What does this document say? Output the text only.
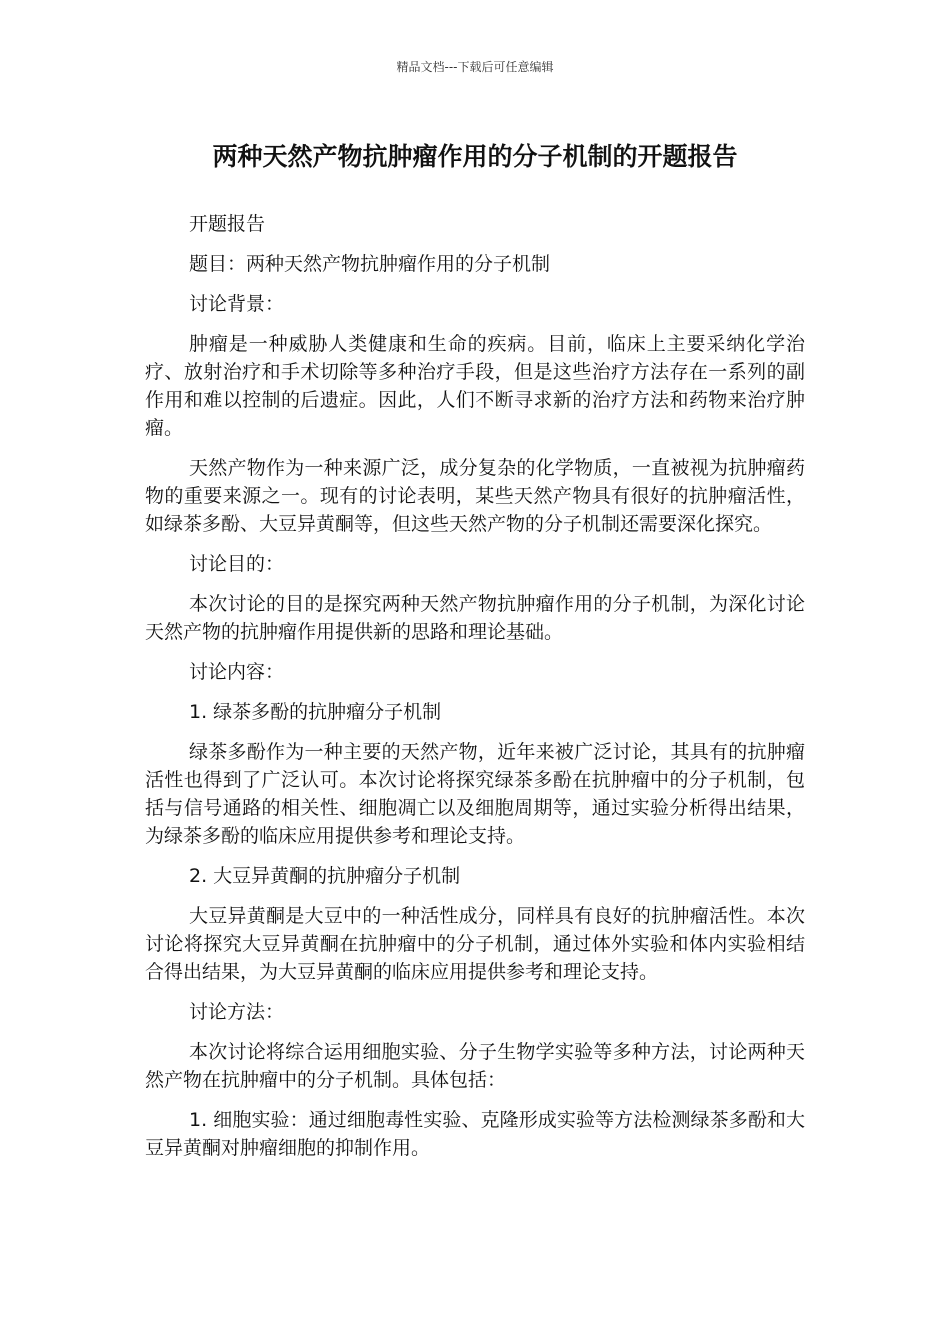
精品文档---下载后可任意编辑
两种天然产物抗肿瘤作用的分子机制的开题报告

开题报告

题目：两种天然产物抗肿瘤作用的分子机制

讨论背景：

肿瘤是一种威胁人类健康和生命的疾病。目前，临床上主要采纳化学治疗、放射治疗和手术切除等多种治疗手段，但是这些治疗方法存在一系列的副作用和难以控制的后遗症。因此，人们不断寻求新的治疗方法和药物来治疗肿瘤。

天然产物作为一种来源广泛，成分复杂的化学物质，一直被视为抗肿瘤药物的重要来源之一。现有的讨论表明，某些天然产物具有很好的抗肿瘤活性，如绿茶多酚、大豆异黄酮等，但这些天然产物的分子机制还需要深化探究。

讨论目的：

本次讨论的目的是探究两种天然产物抗肿瘤作用的分子机制，为深化讨论天然产物的抗肿瘤作用提供新的思路和理论基础。

讨论内容：

1. 绿茶多酚的抗肿瘤分子机制

绿茶多酚作为一种主要的天然产物，近年来被广泛讨论，其具有的抗肿瘤活性也得到了广泛认可。本次讨论将探究绿茶多酚在抗肿瘤中的分子机制，包括与信号通路的相关性、细胞凋亡以及细胞周期等，通过实验分析得出结果，为绿茶多酚的临床应用提供参考和理论支持。

2. 大豆异黄酮的抗肿瘤分子机制

大豆异黄酮是大豆中的一种活性成分，同样具有良好的抗肿瘤活性。本次讨论将探究大豆异黄酮在抗肿瘤中的分子机制，通过体外实验和体内实验相结合得出结果，为大豆异黄酮的临床应用提供参考和理论支持。

讨论方法：

本次讨论将综合运用细胞实验、分子生物学实验等多种方法，讨论两种天然产物在抗肿瘤中的分子机制。具体包括：

1. 细胞实验：通过细胞毒性实验、克隆形成实验等方法检测绿茶多酚和大豆异黄酮对肿瘤细胞的抑制作用。
